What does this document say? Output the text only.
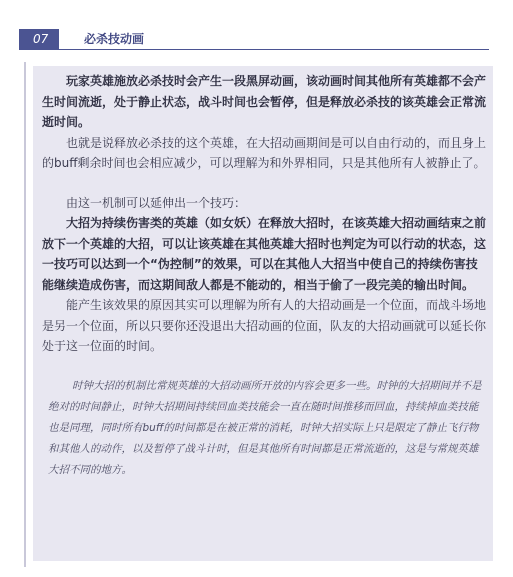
07	必杀技动画

玩家英雄施放必杀技时会产生一段黑屏动画，该动画时间其他所有英雄都不会产生时间流逝，处于静止状态，战斗时间也会暂停，但是释放必杀技的该英雄会正常流逝时间。

也就是说释放必杀技的这个英雄，在大招动画期间是可以自由行动的，而且身上的buff剩余时间也会相应减少，可以理解为和外界相同，只是其他所有人被静止了。

由这一机制可以延伸出一个技巧：

大招为持续伤害类的英雄（如女妖）在释放大招时，在该英雄大招动画结束之前放下一个英雄的大招，可以让该英雄在其他英雄大招时也判定为可以行动的状态，这一技巧可以达到一个“伪控制”的效果，可以在其他人大招当中使自己的持续伤害技能继续造成伤害，而这期间敌人都是不能动的，相当于偷了一段完美的输出时间。

能产生该效果的原因其实可以理解为所有人的大招动画是一个位面，而战斗场地是另一个位面，所以只要你还没退出大招动画的位面，队友的大招动画就可以延长你处于这一位面的时间。

时钟大招的机制比常规英雄的大招动画所开放的内容会更多一些。时钟的大招期间并不是绝对的时间静止，时钟大招期间持续回血类技能会一直在随时间推移而回血，持续掉血类技能也是同理，同时所有buff的时间都是在被正常的消耗，时钟大招实际上只是限定了静止飞行物和其他人的动作，以及暂停了战斗计时，但是其他所有时间都是正常流逝的，这是与常规英雄大招不同的地方。
